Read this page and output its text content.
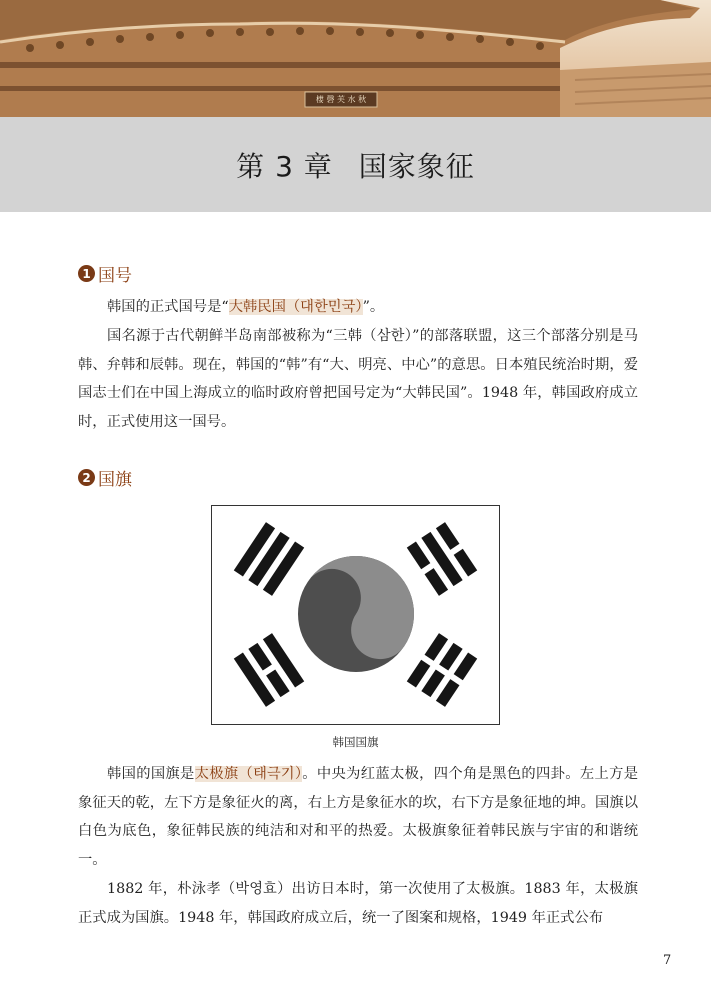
棲 磬 芙 水 秋
第 3 章 国家象征
1 国号

韩国的正式国号是“大韩民国（대한민국）”。

国名源于古代朝鲜半岛南部被称为“三韩（삼한）”的部落联盟，这三个部落分别是马韩、弁韩和辰韩。现在，韩国的“韩”有“大、明亮、中心”的意思。日本殖民统治时期，爱国志士们在中国上海成立的临时政府曾把国号定为“大韩民国”。1948 年，韩国政府成立时，正式使用这一国号。

2 国旗
韩国国旗

韩国的国旗是太极旗（태극기）。中央为红蓝太极，四个角是黑色的四卦。左上方是象征天的乾，左下方是象征火的离，右上方是象征水的坎，右下方是象征地的坤。国旗以白色为底色，象征韩民族的纯洁和对和平的热爱。太极旗象征着韩民族与宇宙的和谐统一。

1882 年，朴泳孝（박영효）出访日本时，第一次使用了太极旗。1883 年，太极旗正式成为国旗。1948 年，韩国政府成立后，统一了图案和规格，1949 年正式公布

7
